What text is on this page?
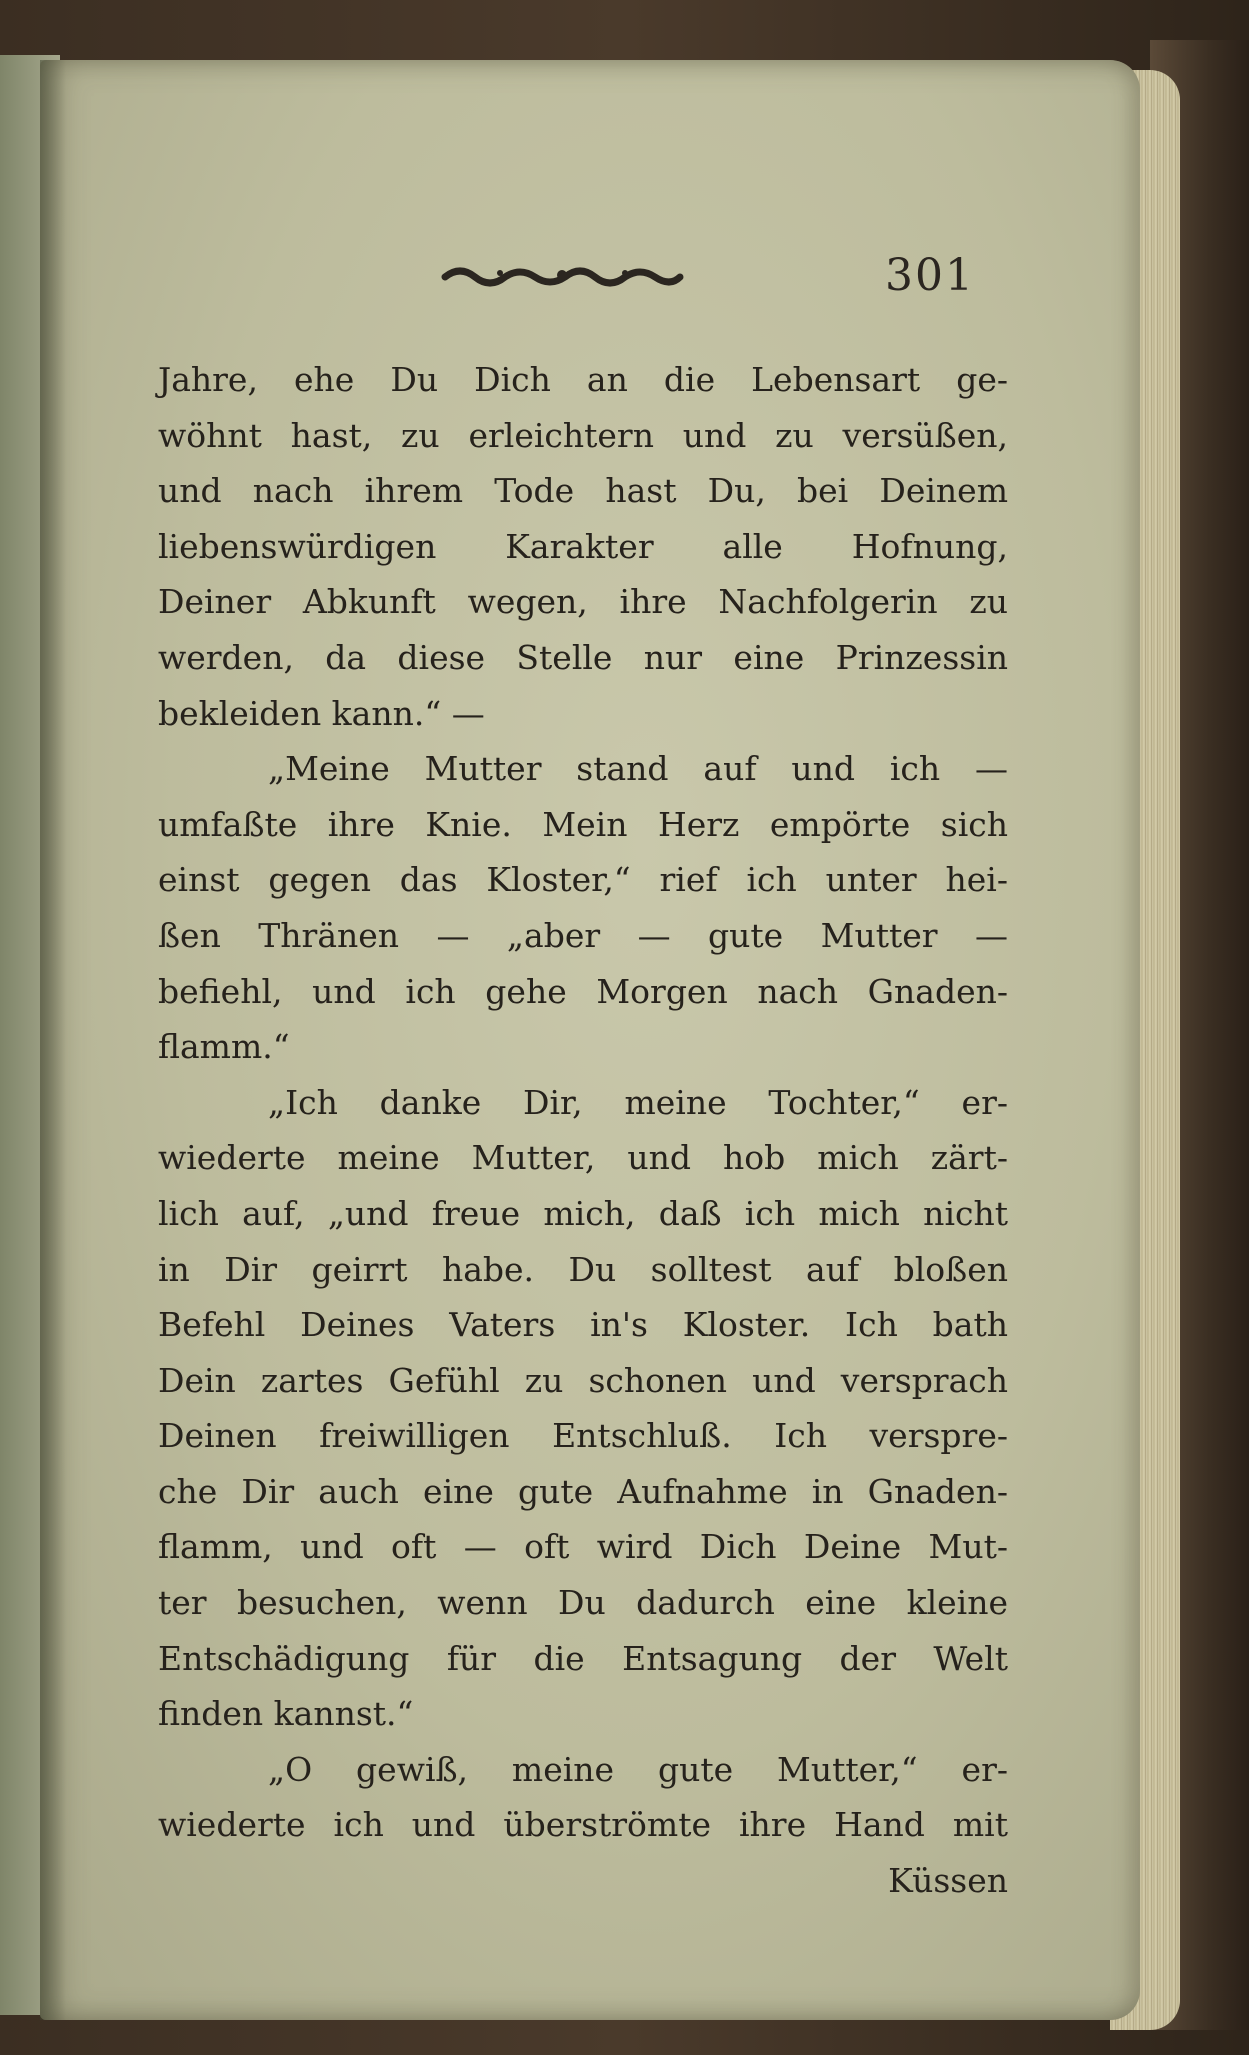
301
Jahre, ehe Du Dich an die Lebensart ge-
wöhnt hast, zu erleichtern und zu versüßen,
und nach ihrem Tode hast Du, bei Deinem
liebenswürdigen Karakter alle Hofnung,
Deiner Abkunft wegen, ihre Nachfolgerin zu
werden, da diese Stelle nur eine Prinzessin
bekleiden kann.“ —
„Meine Mutter stand auf und ich —
umfaßte ihre Knie. Mein Herz empörte sich
einst gegen das Kloster,“ rief ich unter hei-
ßen Thränen — „aber — gute Mutter —
befiehl, und ich gehe Morgen nach Gnaden-
flamm.“
„Ich danke Dir, meine Tochter,“ er-
wiederte meine Mutter, und hob mich zärt-
lich auf, „und freue mich, daß ich mich nicht
in Dir geirrt habe. Du solltest auf bloßen
Befehl Deines Vaters in's Kloster. Ich bath
Dein zartes Gefühl zu schonen und versprach
Deinen freiwilligen Entschluß. Ich verspre-
che Dir auch eine gute Aufnahme in Gnaden-
flamm, und oft — oft wird Dich Deine Mut-
ter besuchen, wenn Du dadurch eine kleine
Entschädigung für die Entsagung der Welt
finden kannst.“
„O gewiß, meine gute Mutter,“ er-
wiederte ich und überströmte ihre Hand mit
Küssen
